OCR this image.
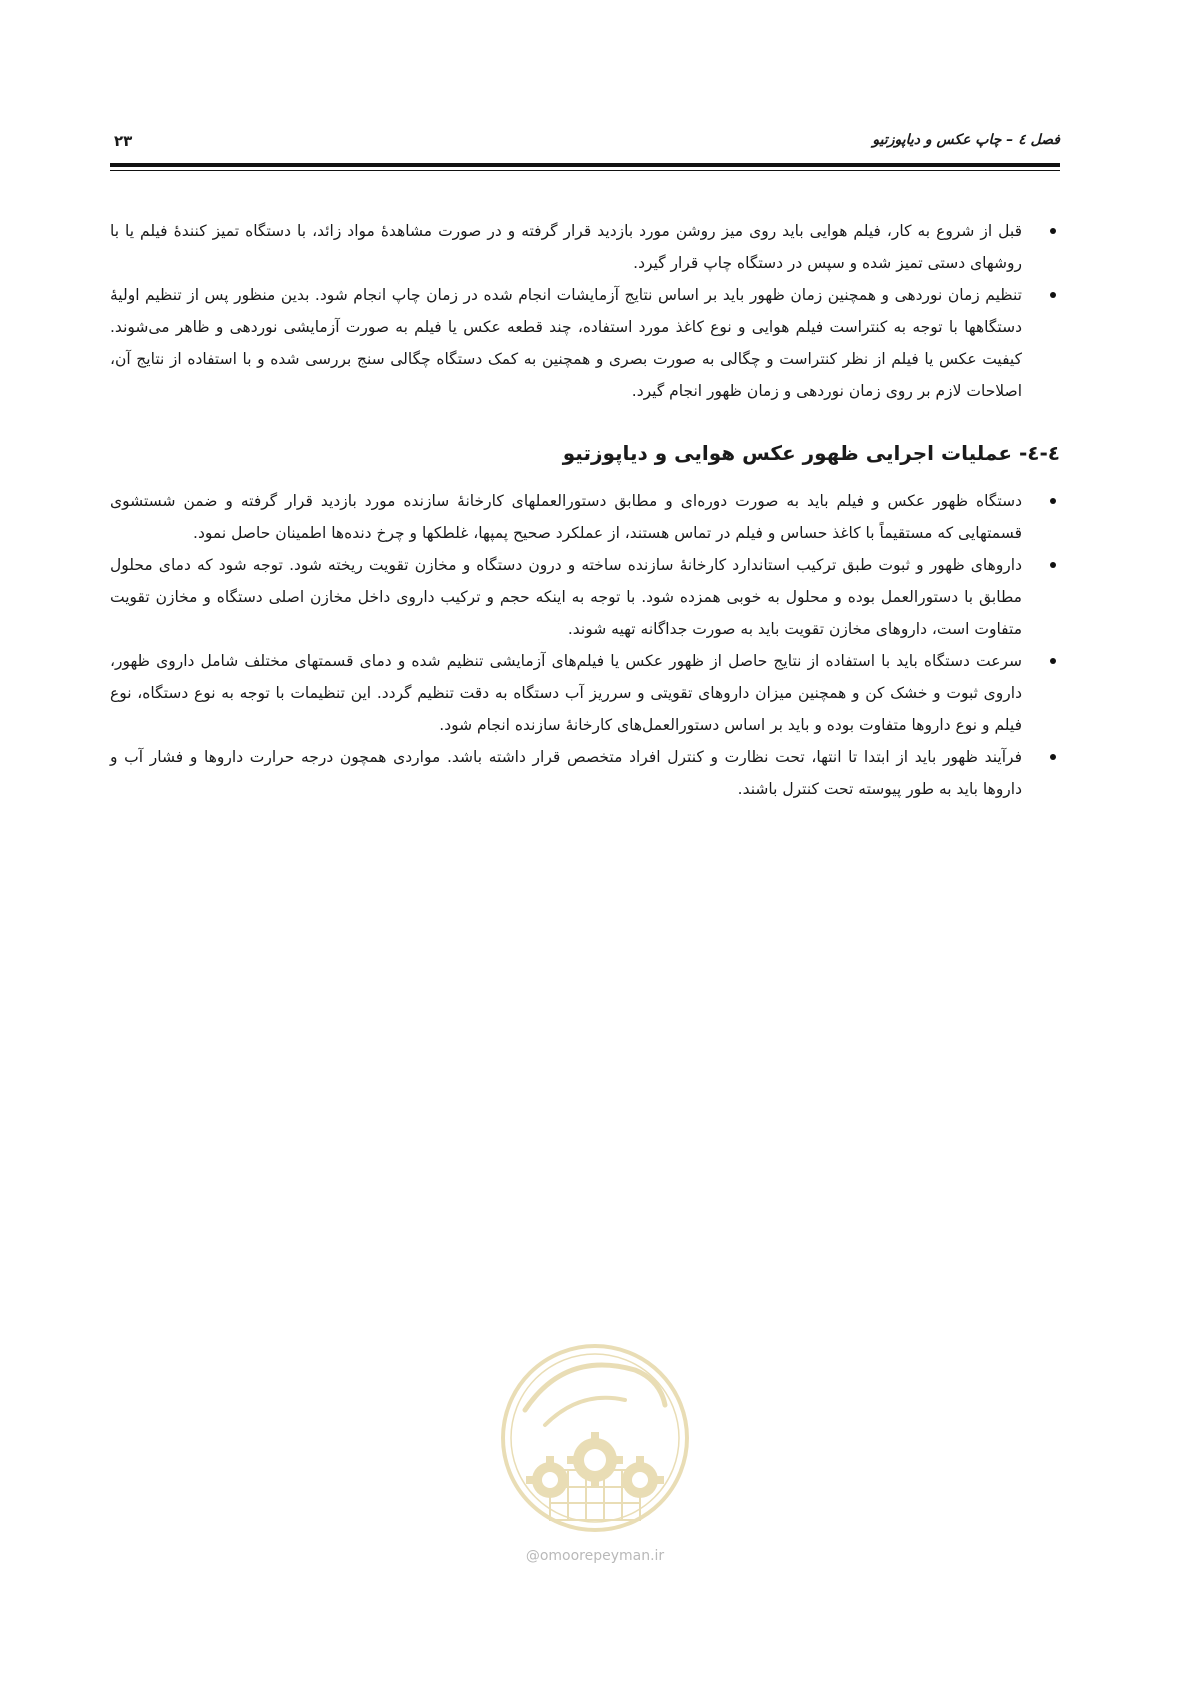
فصل ٤ – چاپ عکس و دیاپوزتیو
٢٣
قبل از شروع به کار، فیلم هوایی باید روی میز روشن مورد بازدید قرار گرفته و در صورت مشاهدهٔ مواد زائد، با دستگاه تمیز کنندهٔ فیلم یا با روشهای دستی تمیز شده و سپس در دستگاه چاپ قرار گیرد.
تنظیم زمان نوردهی و همچنین زمان ظهور باید بر اساس نتایج آزمایشات انجام شده در زمان چاپ انجام شود. بدین منظور پس از تنظیم اولیهٔ دستگاهها با توجه به کنتراست فیلم هوایی و نوع کاغذ مورد استفاده، چند قطعه عکس یا فیلم به صورت آزمایشی نوردهی و ظاهر می‌شوند. کیفیت عکس یا فیلم از نظر کنتراست و چگالی به صورت بصری و همچنین به کمک دستگاه چگالی سنج بررسی شده و با استفاده از نتایج آن، اصلاحات لازم بر روی زمان نوردهی و زمان ظهور انجام گیرد.
٤-٤- عملیات اجرایی ظهور عکس هوایی و دیاپوزتیو
دستگاه ظهور عکس و فیلم باید به صورت دوره‌ای و مطابق دستورالعملهای کارخانهٔ سازنده مورد بازدید قرار گرفته و ضمن شستشوی قسمتهایی که مستقیماً با کاغذ حساس و فیلم در تماس هستند، از عملکرد صحیح پمپها، غلطکها و چرخ دنده‌ها اطمینان حاصل نمود.
داروهای ظهور و ثبوت طبق ترکیب استاندارد کارخانهٔ سازنده ساخته و درون دستگاه و مخازن تقویت ریخته شود. توجه شود که دمای محلول مطابق با دستورالعمل بوده و محلول به خوبی همزده شود. با توجه به اینکه حجم و ترکیب داروی داخل مخازن اصلی دستگاه و مخازن تقویت متفاوت است، داروهای مخازن تقویت باید به صورت جداگانه تهیه شوند.
سرعت دستگاه باید با استفاده از نتایج حاصل از ظهور عکس یا فیلم‌های آزمایشی تنظیم شده و دمای قسمتهای مختلف شامل داروی ظهور، داروی ثبوت و خشک کن و همچنین میزان داروهای تقویتی و سرریز آب دستگاه به دقت تنظیم گردد. این تنظیمات با توجه به نوع دستگاه، نوع فیلم و نوع داروها متفاوت بوده و باید بر اساس دستورالعمل‌های کارخانهٔ سازنده انجام شود.
فرآیند ظهور باید از ابتدا تا انتها، تحت نظارت و کنترل افراد متخصص قرار داشته باشد. مواردی همچون درجه حرارت داروها و فشار آب و داروها باید به طور پیوسته تحت کنترل باشند.
@omoorepeyman.ir
